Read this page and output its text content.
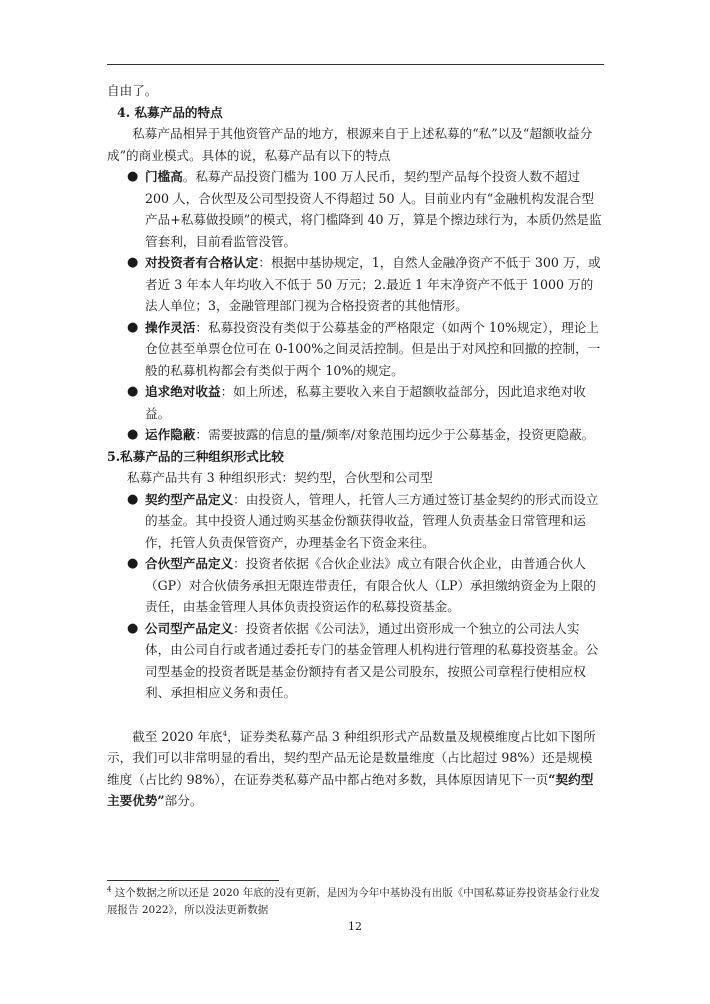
自由了。

4. 私募产品的特点

私募产品相异于其他资管产品的地方，根源来自于上述私募的“私”以及“超额收益分成”的商业模式。具体的说，私募产品有以下的特点

● 门槛高。私募产品投资门槛为 100 万人民币，契约型产品每个投资人数不超过 200 人，合伙型及公司型投资人不得超过 50 人。目前业内有“金融机构发混合型产品+私募做投顾”的模式，将门槛降到 40 万，算是个擦边球行为，本质仍然是监管套利，目前看监管没管。
● 对投资者有合格认定：根据中基协规定，1，自然人金融净资产不低于 300 万，或者近 3 年本人年均收入不低于 50 万元；2.最近 1 年末净资产不低于 1000 万的法人单位；3，金融管理部门视为合格投资者的其他情形。
● 操作灵活：私募投资没有类似于公募基金的严格限定（如两个 10%规定），理论上仓位甚至单票仓位可在 0-100%之间灵活控制。但是出于对风控和回撤的控制，一般的私募机构都会有类似于两个 10%的规定。
● 追求绝对收益：如上所述，私募主要收入来自于超额收益部分，因此追求绝对收益。
● 运作隐蔽：需要披露的信息的量/频率/对象范围均远少于公募基金，投资更隐蔽。

5.私募产品的三种组织形式比较

私募产品共有 3 种组织形式：契约型，合伙型和公司型

● 契约型产品定义：由投资人，管理人，托管人三方通过签订基金契约的形式而设立的基金。其中投资人通过购买基金份额获得收益，管理人负责基金日常管理和运作，托管人负责保管资产，办理基金名下资金来往。
● 合伙型产品定义：投资者依据《合伙企业法》成立有限合伙企业，由普通合伙人（GP）对合伙债务承担无限连带责任，有限合伙人（LP）承担缴纳资金为上限的责任，由基金管理人具体负责投资运作的私募投资基金。
● 公司型产品定义：投资者依据《公司法》，通过出资形成一个独立的公司法人实体，由公司自行或者通过委托专门的基金管理人机构进行管理的私募投资基金。公司型基金的投资者既是基金份额持有者又是公司股东，按照公司章程行使相应权利、承担相应义务和责任。

截至 2020 年底$^4$，证券类私募产品 3 种组织形式产品数量及规模维度占比如下图所示，我们可以非常明显的看出，契约型产品无论是数量维度（占比超过 98%）还是规模维度（占比约 98%），在证券类私募产品中都占绝对多数，具体原因请见下一页“契约型主要优势”部分。

$^4$ 这个数据之所以还是 2020 年底的没有更新，是因为今年中基协没有出版《中国私募证券投资基金行业发展报告 2022》，所以没法更新数据

12
